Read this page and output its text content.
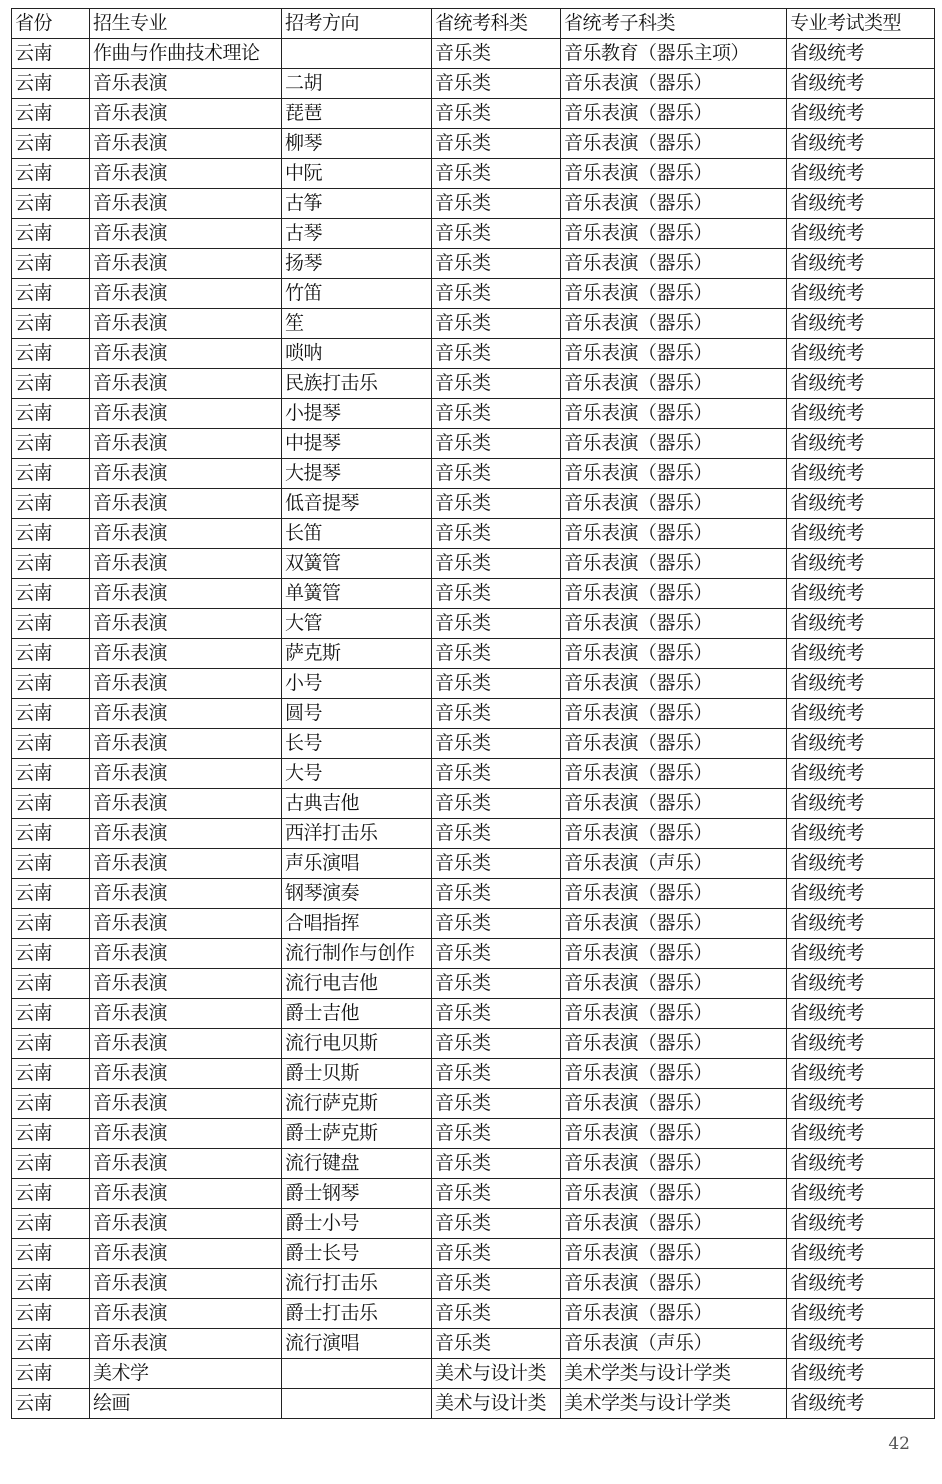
省份	招生专业	招考方向	省统考科类	省统考子科类	专业考试类型
云南	作曲与作曲技术理论		音乐类	音乐教育（器乐主项）	省级统考
云南	音乐表演	二胡	音乐类	音乐表演（器乐）	省级统考
云南	音乐表演	琵琶	音乐类	音乐表演（器乐）	省级统考
云南	音乐表演	柳琴	音乐类	音乐表演（器乐）	省级统考
云南	音乐表演	中阮	音乐类	音乐表演（器乐）	省级统考
云南	音乐表演	古筝	音乐类	音乐表演（器乐）	省级统考
云南	音乐表演	古琴	音乐类	音乐表演（器乐）	省级统考
云南	音乐表演	扬琴	音乐类	音乐表演（器乐）	省级统考
云南	音乐表演	竹笛	音乐类	音乐表演（器乐）	省级统考
云南	音乐表演	笙	音乐类	音乐表演（器乐）	省级统考
云南	音乐表演	唢呐	音乐类	音乐表演（器乐）	省级统考
云南	音乐表演	民族打击乐	音乐类	音乐表演（器乐）	省级统考
云南	音乐表演	小提琴	音乐类	音乐表演（器乐）	省级统考
云南	音乐表演	中提琴	音乐类	音乐表演（器乐）	省级统考
云南	音乐表演	大提琴	音乐类	音乐表演（器乐）	省级统考
云南	音乐表演	低音提琴	音乐类	音乐表演（器乐）	省级统考
云南	音乐表演	长笛	音乐类	音乐表演（器乐）	省级统考
云南	音乐表演	双簧管	音乐类	音乐表演（器乐）	省级统考
云南	音乐表演	单簧管	音乐类	音乐表演（器乐）	省级统考
云南	音乐表演	大管	音乐类	音乐表演（器乐）	省级统考
云南	音乐表演	萨克斯	音乐类	音乐表演（器乐）	省级统考
云南	音乐表演	小号	音乐类	音乐表演（器乐）	省级统考
云南	音乐表演	圆号	音乐类	音乐表演（器乐）	省级统考
云南	音乐表演	长号	音乐类	音乐表演（器乐）	省级统考
云南	音乐表演	大号	音乐类	音乐表演（器乐）	省级统考
云南	音乐表演	古典吉他	音乐类	音乐表演（器乐）	省级统考
云南	音乐表演	西洋打击乐	音乐类	音乐表演（器乐）	省级统考
云南	音乐表演	声乐演唱	音乐类	音乐表演（声乐）	省级统考
云南	音乐表演	钢琴演奏	音乐类	音乐表演（器乐）	省级统考
云南	音乐表演	合唱指挥	音乐类	音乐表演（器乐）	省级统考
云南	音乐表演	流行制作与创作	音乐类	音乐表演（器乐）	省级统考
云南	音乐表演	流行电吉他	音乐类	音乐表演（器乐）	省级统考
云南	音乐表演	爵士吉他	音乐类	音乐表演（器乐）	省级统考
云南	音乐表演	流行电贝斯	音乐类	音乐表演（器乐）	省级统考
云南	音乐表演	爵士贝斯	音乐类	音乐表演（器乐）	省级统考
云南	音乐表演	流行萨克斯	音乐类	音乐表演（器乐）	省级统考
云南	音乐表演	爵士萨克斯	音乐类	音乐表演（器乐）	省级统考
云南	音乐表演	流行键盘	音乐类	音乐表演（器乐）	省级统考
云南	音乐表演	爵士钢琴	音乐类	音乐表演（器乐）	省级统考
云南	音乐表演	爵士小号	音乐类	音乐表演（器乐）	省级统考
云南	音乐表演	爵士长号	音乐类	音乐表演（器乐）	省级统考
云南	音乐表演	流行打击乐	音乐类	音乐表演（器乐）	省级统考
云南	音乐表演	爵士打击乐	音乐类	音乐表演（器乐）	省级统考
云南	音乐表演	流行演唱	音乐类	音乐表演（声乐）	省级统考
云南	美术学		美术与设计类	美术学类与设计学类	省级统考
云南	绘画		美术与设计类	美术学类与设计学类	省级统考
42
